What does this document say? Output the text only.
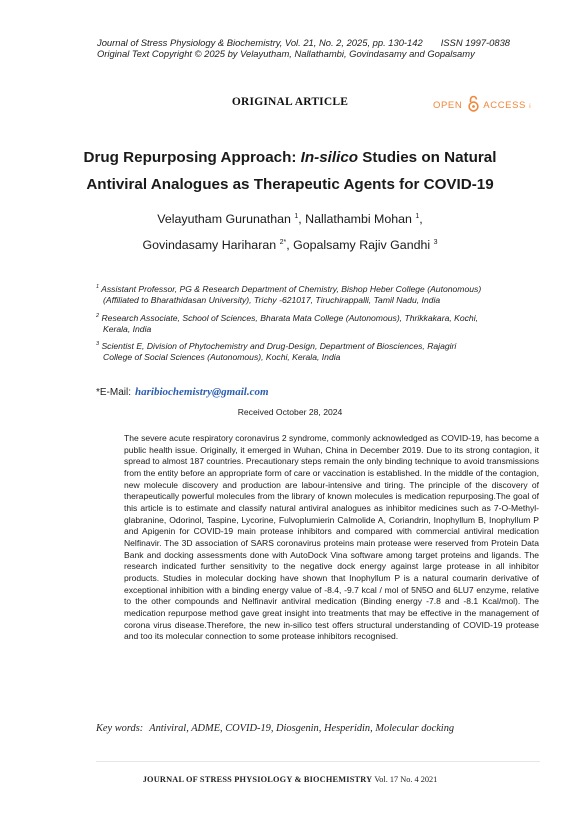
Journal of Stress Physiology & Biochemistry, Vol. 21, No. 2, 2025, pp. 130-142 ISSN 1997-0838
Original Text Copyright © 2025 by Velayutham, Nallathambi, Govindasamy and Gopalsamy
ORIGINAL ARTICLE	OPEN ACCESS i
Drug Repurposing Approach: In-silico Studies on Natural
Antiviral Analogues as Therapeutic Agents for COVID-19
Velayutham Gurunathan $^1$, Nallathambi Mohan $^1$,
Govindasamy Hariharan $^{2*}$, Gopalsamy Rajiv Gandhi $^3$
$^1$ Assistant Professor, PG & Research Department of Chemistry, Bishop Heber College (Autonomous)
(Affiliated to Bharathidasan University), Trichy -621017, Tiruchirappalli, Tamil Nadu, India
$^2$ Research Associate, School of Sciences, Bharata Mata College (Autonomous), Thrikkakara, Kochi,
Kerala, India
$^3$ Scientist E, Division of Phytochemistry and Drug-Design, Department of Biosciences, Rajagiri
College of Social Sciences (Autonomous), Kochi, Kerala, India
*E-Mail: haribiochemistry@gmail.com
Received October 28, 2024
The severe acute respiratory coronavirus 2 syndrome, commonly acknowledged as COVID-19, has become a public health issue. Originally, it emerged in Wuhan, China in December 2019. Due to its strong contagion, it spread to almost 187 countries. Precautionary steps remain the only binding technique to avoid transmissions from the entity before an appropriate form of care or vaccination is established. In the middle of the contagion, new molecule discovery and production are labour-intensive and tiring. The principle of the discovery of therapeutically powerful molecules from the library of known molecules is medication repurposing.The goal of this article is to estimate and classify natural antiviral analogues as inhibitor medicines such as 7-O-Methyl-glabranine, Odorinol, Taspine, Lycorine, Fulvoplumierin Calmolide A, Coriandrin, Inophyllum B, Inophyllum P and Apigenin for COVID-19 main protease inhibitors and compared with commercial antiviral medication Nelfinavir. The 3D association of SARS coronavirus proteins main protease were reserved from Protein Data Bank and docking assessments done with AutoDock Vina software among target proteins and ligands. The research indicated further sensitivity to the negative dock energy against large protease in all inhibitor products. Studies in molecular docking have shown that Inophyllum P is a natural coumarin derivative of exceptional inhibition with a binding energy value of -8.4, -9.7 kcal / mol of 5N5O and 6LU7 enzyme, relative to the other compounds and Nelfinavir antiviral medication (Binding energy -7.8 and -8.1 Kcal/mol). The medication repurpose method gave great insight into treatments that may be effective in the management of corona virus disease.Therefore, the new in-silico test offers structural understanding of COVID-19 protease and too its molecular connection to some protease inhibitors recognised.
Key words: Antiviral, ADME, COVID-19, Diosgenin, Hesperidin, Molecular docking
JOURNAL OF STRESS PHYSIOLOGY & BIOCHEMISTRY Vol. 17 No. 4 2021
